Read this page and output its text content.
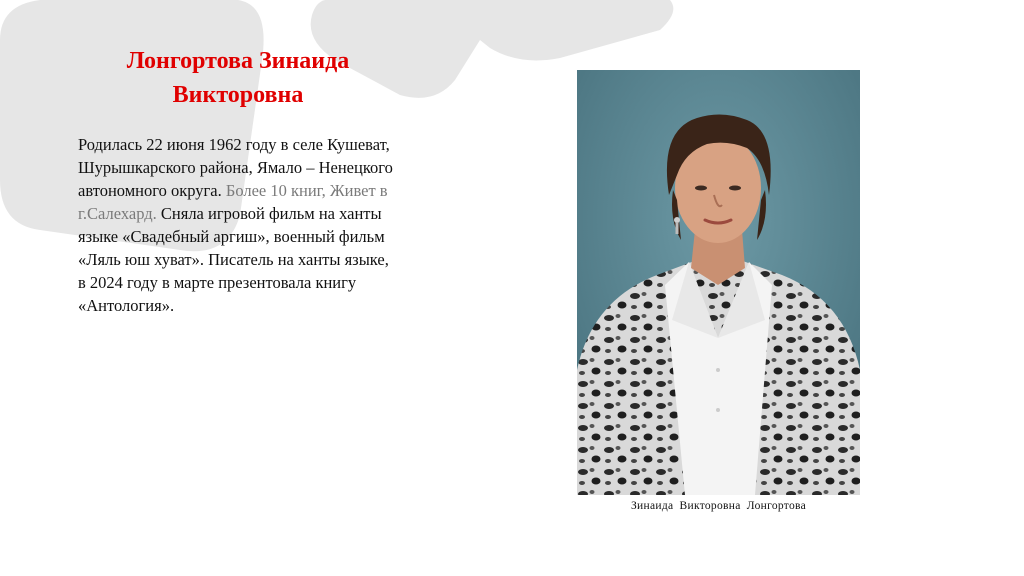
Лонгортова Зинаида
Викторовна
Родилась 22 июня 1962 году в селе Кушеват, Шурышкарского района, Ямало – Ненецкого автономного округа. Более 10 книг, Живет в г.Салехард. Сняла игровой фильм на ханты языке «Свадебный аргиш», военный фильм «Ляль юш хуват». Писатель на ханты языке, в 2024 году в марте презентовала книгу «Антология».
Зинаида Викторовна Лонгортова
